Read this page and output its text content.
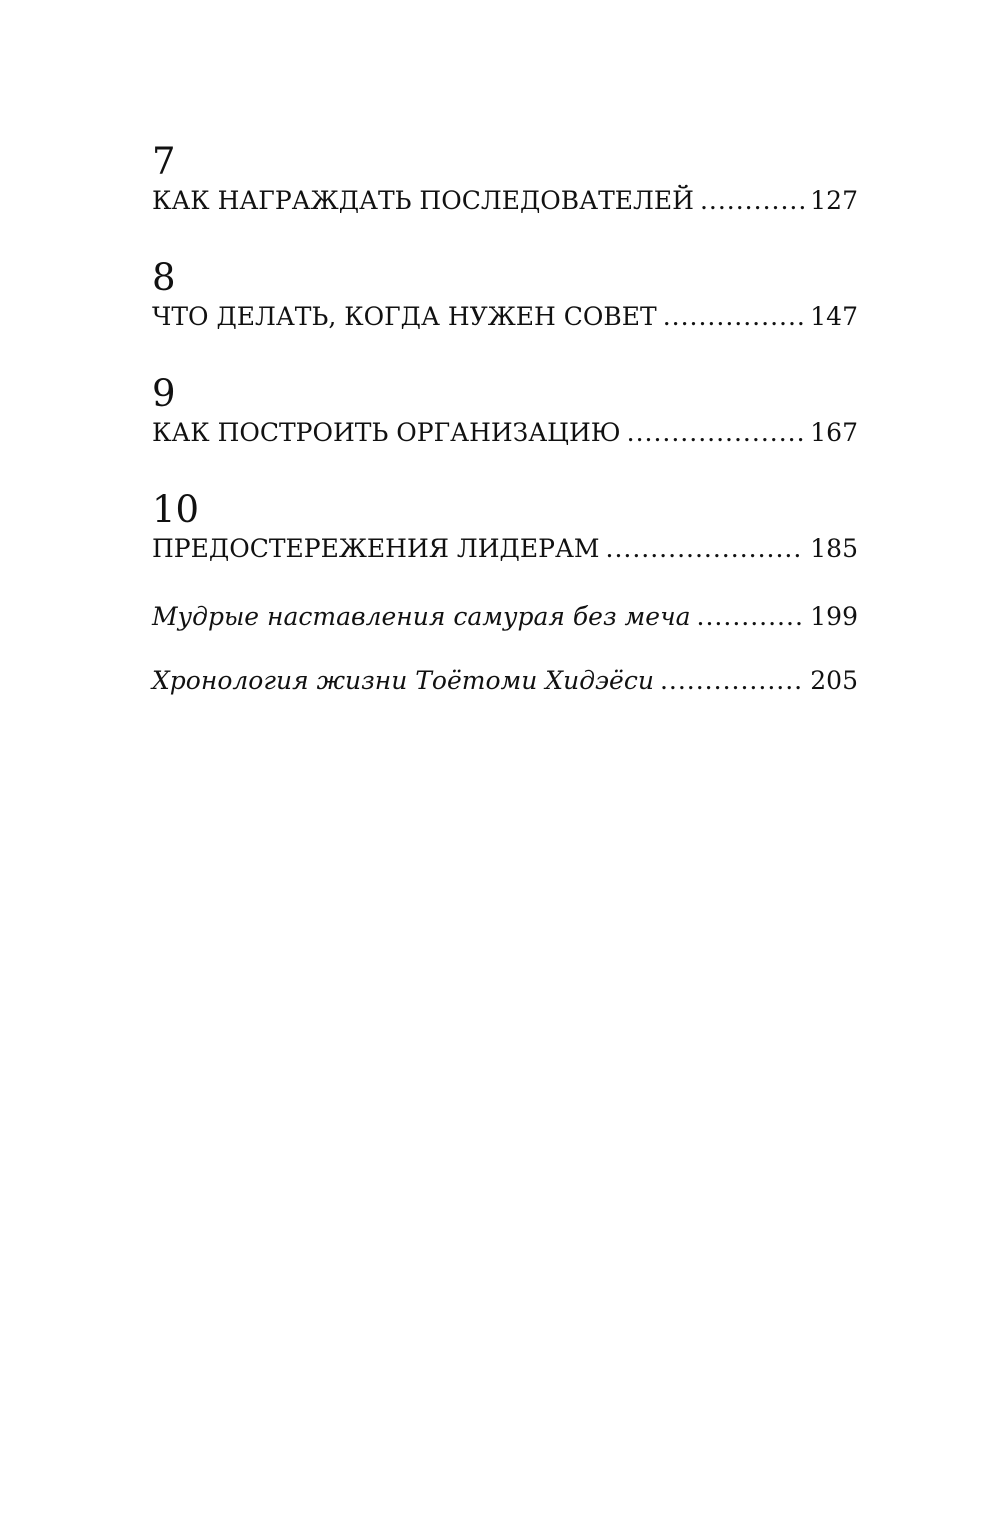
7
КАК НАГРАЖДАТЬ ПОСЛЕДОВАТЕЛЕЙ .....	127
8
ЧТО ДЕЛАТЬ, КОГДА НУЖЕН СОВЕТ .....	147
9
КАК ПОСТРОИТЬ ОРГАНИЗАЦИЮ .....	167
10
ПРЕДОСТЕРЕЖЕНИЯ ЛИДЕРАМ .....	185
Мудрые наставления самурая без меча .....	199
Хронология жизни Тоётоми Хидэёси .....	205
